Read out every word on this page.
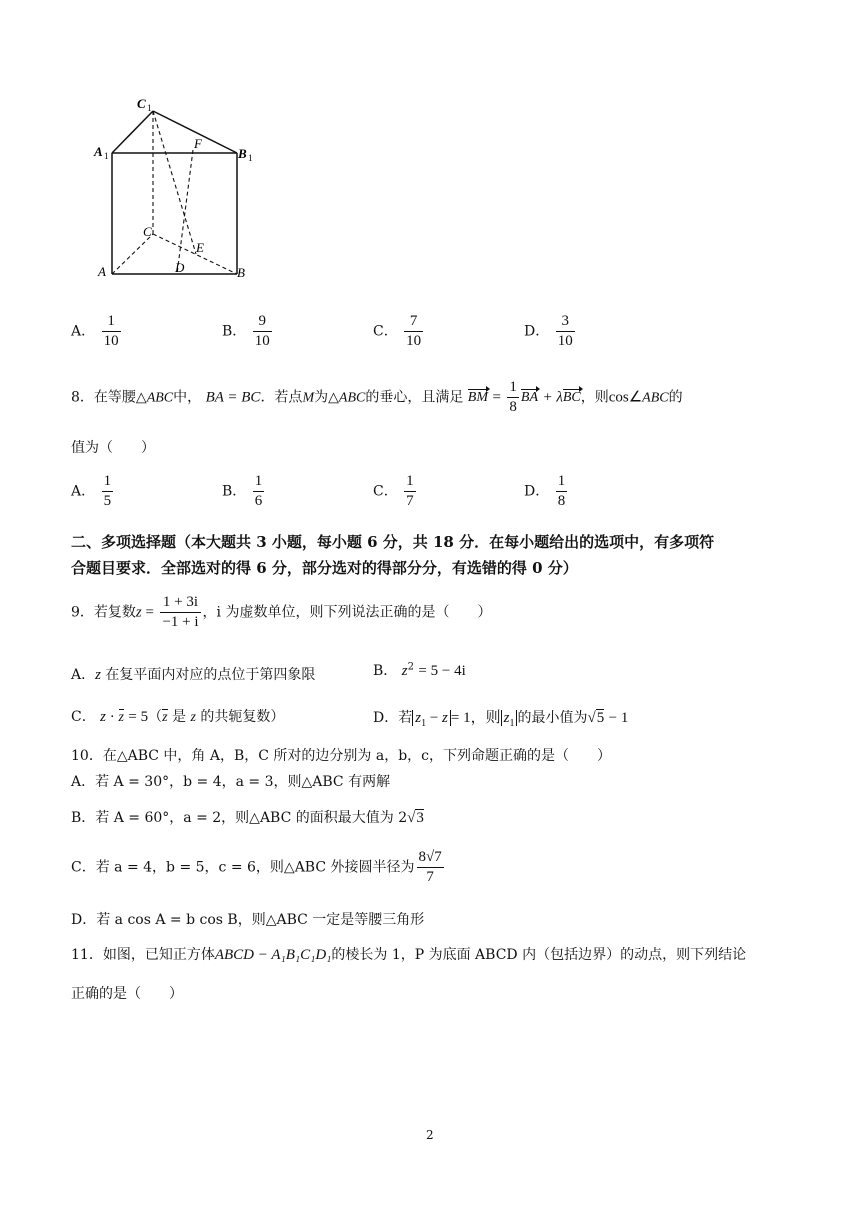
C 1
A 1
F
B 1
C
E
A	D	B
A． $\frac{1}{10}$	B． $\frac{9}{10}$	C． $\frac{7}{10}$	D． $\frac{3}{10}$
8．在等腰△ABC中， BA = BC．若点M为△ABC的垂心，且满足 BM = $\frac{1}{8}$ BA + λBC，则cos∠ABC的
值为（　　）
A． $\frac{1}{5}$	B． $\frac{1}{6}$	C． $\frac{1}{7}$	D． $\frac{1}{8}$
二、多项选择题（本大题共 3 小题，每小题 6 分，共 18 分．在每小题给出的选项中，有多项符
合题目要求．全部选对的得 6 分，部分选对的得部分分，有选错的得 0 分）
9．若复数$z = \frac{1 + 3i}{-1 + i}$ ，i 为虚数单位，则下列说法正确的是（　　）
A．z 在复平面内对应的点位于第四象限	B． $z^2 = 5 - 4i$
C． z · z = 5（z 是 z 的共轭复数）	D．若 $z_1 - z = 1$，则 $z_1$ 的最小值为√5 − 1
10．在△ABC 中，角 A，B，C 所对的边分别为 a，b，c，下列命题正确的是（　　）
A．若 A = 30°，b = 4，a = 3，则△ABC 有两解
B．若 A = 60°，a = 2，则△ABC 的面积最大值为 2√3
C．若 a = 4，b = 5，c = 6，则△ABC 外接圆半径为 $\frac{8√7}{7}$
D．若 a cos A = b cos B，则△ABC 一定是等腰三角形
11．如图，已知正方体ABCD − A₁B₁C₁D₁的棱长为 1，P 为底面 ABCD 内（包括边界）的动点，则下列结论
正确的是（　　）
2
